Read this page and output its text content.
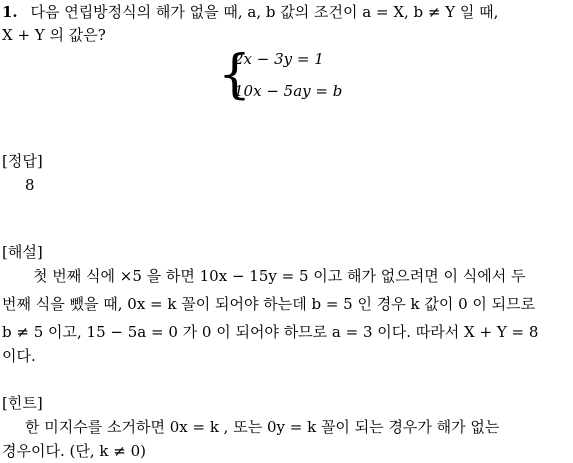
1. 다음 연립방정식의 해가 없을 때, a, b 값의 조건이 a = X, b ≠ Y 일 때,
X + Y 의 값은?
{
2x − 3y = 1
10x − 5ay = b
[정답]
8
[해설]
첫 번째 식에 ×5 을 하면 10x − 15y = 5 이고 해가 없으려면 이 식에서 두
번째 식을 뺐을 때, 0x = k 꼴이 되어야 하는데 b = 5 인 경우 k 값이 0 이 되므로
b ≠ 5 이고, 15 − 5a = 0 가 0 이 되어야 하므로 a = 3 이다. 따라서 X + Y = 8
이다.
[힌트]
한 미지수를 소거하면 0x = k , 또는 0y = k 꼴이 되는 경우가 해가 없는
경우이다. (단, k ≠ 0)
